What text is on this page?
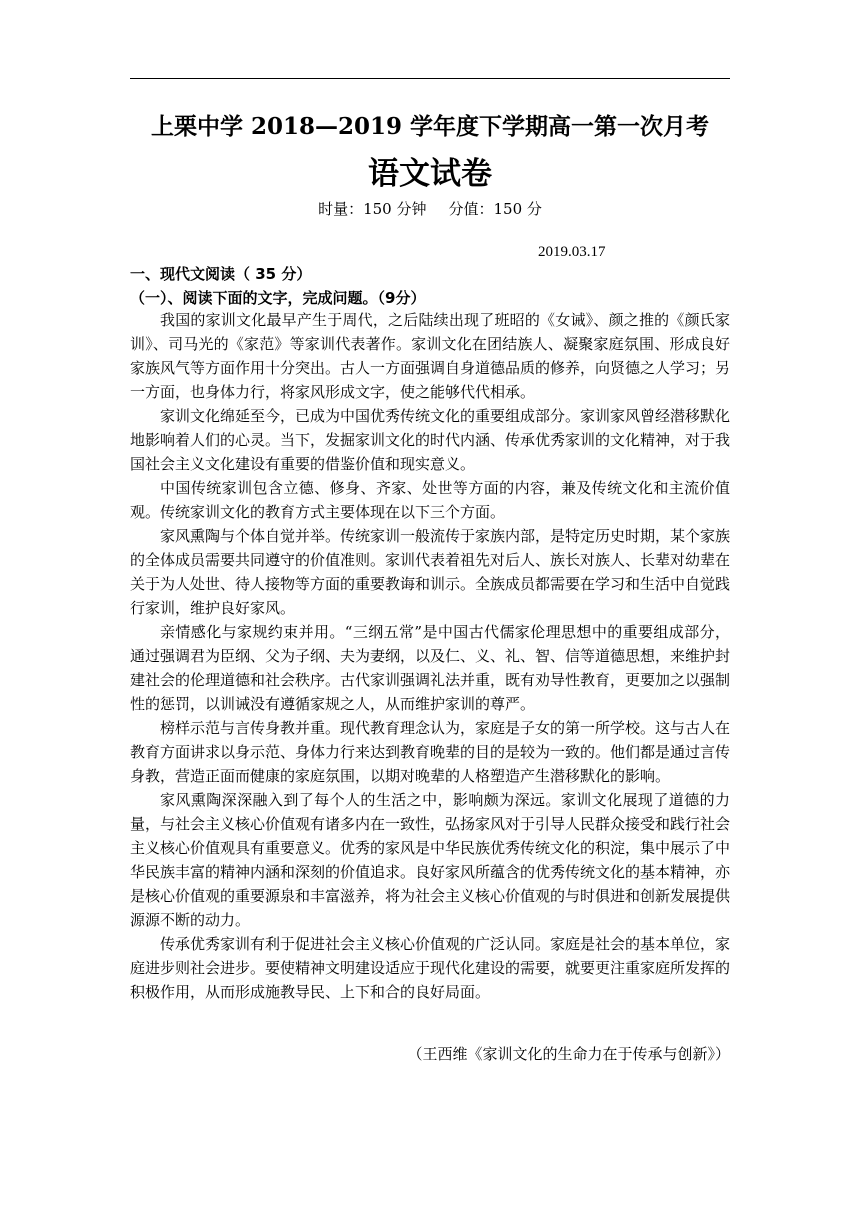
上栗中学 2018—2019 学年度下学期高一第一次月考
语文试卷
时量：150 分钟 分值：150 分
2019.03.17
一、现代文阅读（ 35 分）
（一）、阅读下面的文字，完成问题。（9分）

我国的家训文化最早产生于周代，之后陆续出现了班昭的《女诫》、颜之推的《颜氏家训》、司马光的《家范》等家训代表著作。家训文化在团结族人、凝聚家庭氛围、形成良好家族风气等方面作用十分突出。古人一方面强调自身道德品质的修养，向贤德之人学习；另一方面，也身体力行，将家风形成文字，使之能够代代相承。

家训文化绵延至今，已成为中国优秀传统文化的重要组成部分。家训家风曾经潜移默化地影响着人们的心灵。当下，发掘家训文化的时代内涵、传承优秀家训的文化精神，对于我国社会主义文化建设有重要的借鉴价值和现实意义。

中国传统家训包含立德、修身、齐家、处世等方面的内容，兼及传统文化和主流价值观。传统家训文化的教育方式主要体现在以下三个方面。

家风熏陶与个体自觉并举。传统家训一般流传于家族内部，是特定历史时期，某个家族的全体成员需要共同遵守的价值准则。家训代表着祖先对后人、族长对族人、长辈对幼辈在关于为人处世、待人接物等方面的重要教诲和训示。全族成员都需要在学习和生活中自觉践行家训，维护良好家风。

亲情感化与家规约束并用。“三纲五常”是中国古代儒家伦理思想中的重要组成部分，通过强调君为臣纲、父为子纲、夫为妻纲，以及仁、义、礼、智、信等道德思想，来维护封建社会的伦理道德和社会秩序。古代家训强调礼法并重，既有劝导性教育，更要加之以强制性的惩罚，以训诫没有遵循家规之人，从而维护家训的尊严。

榜样示范与言传身教并重。现代教育理念认为，家庭是子女的第一所学校。这与古人在教育方面讲求以身示范、身体力行来达到教育晚辈的目的是较为一致的。他们都是通过言传身教，营造正面而健康的家庭氛围，以期对晚辈的人格塑造产生潜移默化的影响。

家风熏陶深深融入到了每个人的生活之中，影响颇为深远。家训文化展现了道德的力量，与社会主义核心价值观有诸多内在一致性，弘扬家风对于引导人民群众接受和践行社会主义核心价值观具有重要意义。优秀的家风是中华民族优秀传统文化的积淀，集中展示了中华民族丰富的精神内涵和深刻的价值追求。良好家风所蕴含的优秀传统文化的基本精神，亦是核心价值观的重要源泉和丰富滋养，将为社会主义核心价值观的与时俱进和创新发展提供源源不断的动力。

传承优秀家训有利于促进社会主义核心价值观的广泛认同。家庭是社会的基本单位，家庭进步则社会进步。要使精神文明建设适应于现代化建设的需要，就要更注重家庭所发挥的积极作用，从而形成施教导民、上下和合的良好局面。

（王西维《家训文化的生命力在于传承与创新》）
